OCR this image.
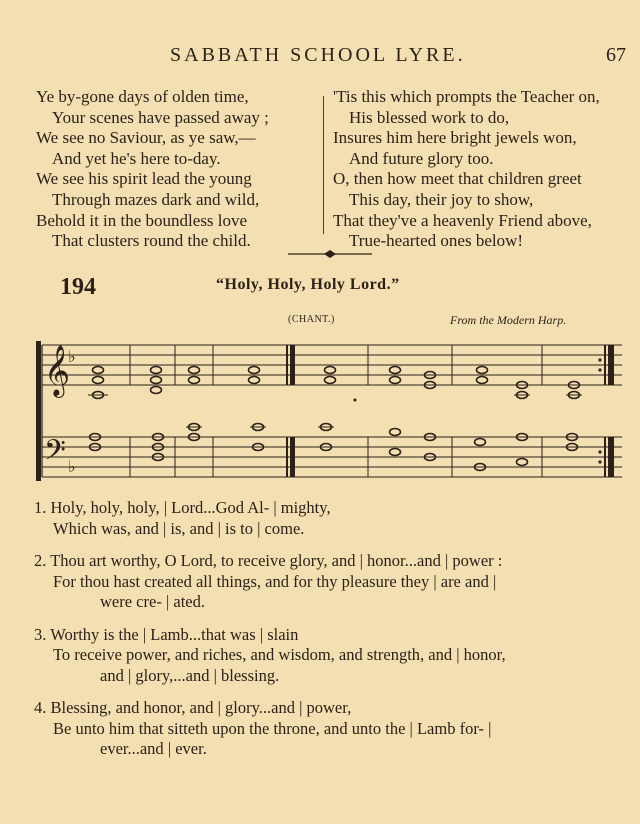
SABBATH SCHOOL LYRE.	67
Ye by-gone days of olden time,
Your scenes have passed away ;
We see no Saviour, as ye saw,—
And yet he's here to-day.
We see his spirit lead the young
Through mazes dark and wild,
Behold it in the boundless love
That clusters round the child.
'Tis this which prompts the Teacher on,
His blessed work to do,
Insures him here bright jewels won,
And future glory too.
O, then how meet that children greet
This day, their joy to show,
That they've a heavenly Friend above,
True-hearted ones below!
194	“Holy, Holy, Holy Lord.”
(CHANT.)	From the Modern Harp.
𝄞
𝄢
♭
♭
1. Holy, holy, holy, | Lord...God Al- | mighty,
Which was, and | is, and | is to | come.
2. Thou art worthy, O Lord, to receive glory, and | honor...and | power :
For thou hast created all things, and for thy pleasure they | are and |
were cre- | ated.
3. Worthy is the | Lamb...that was | slain
To receive power, and riches, and wisdom, and strength, and | honor,
and | glory,...and | blessing.
4. Blessing, and honor, and | glory...and | power,
Be unto him that sitteth upon the throne, and unto the | Lamb for- |
ever...and | ever.
